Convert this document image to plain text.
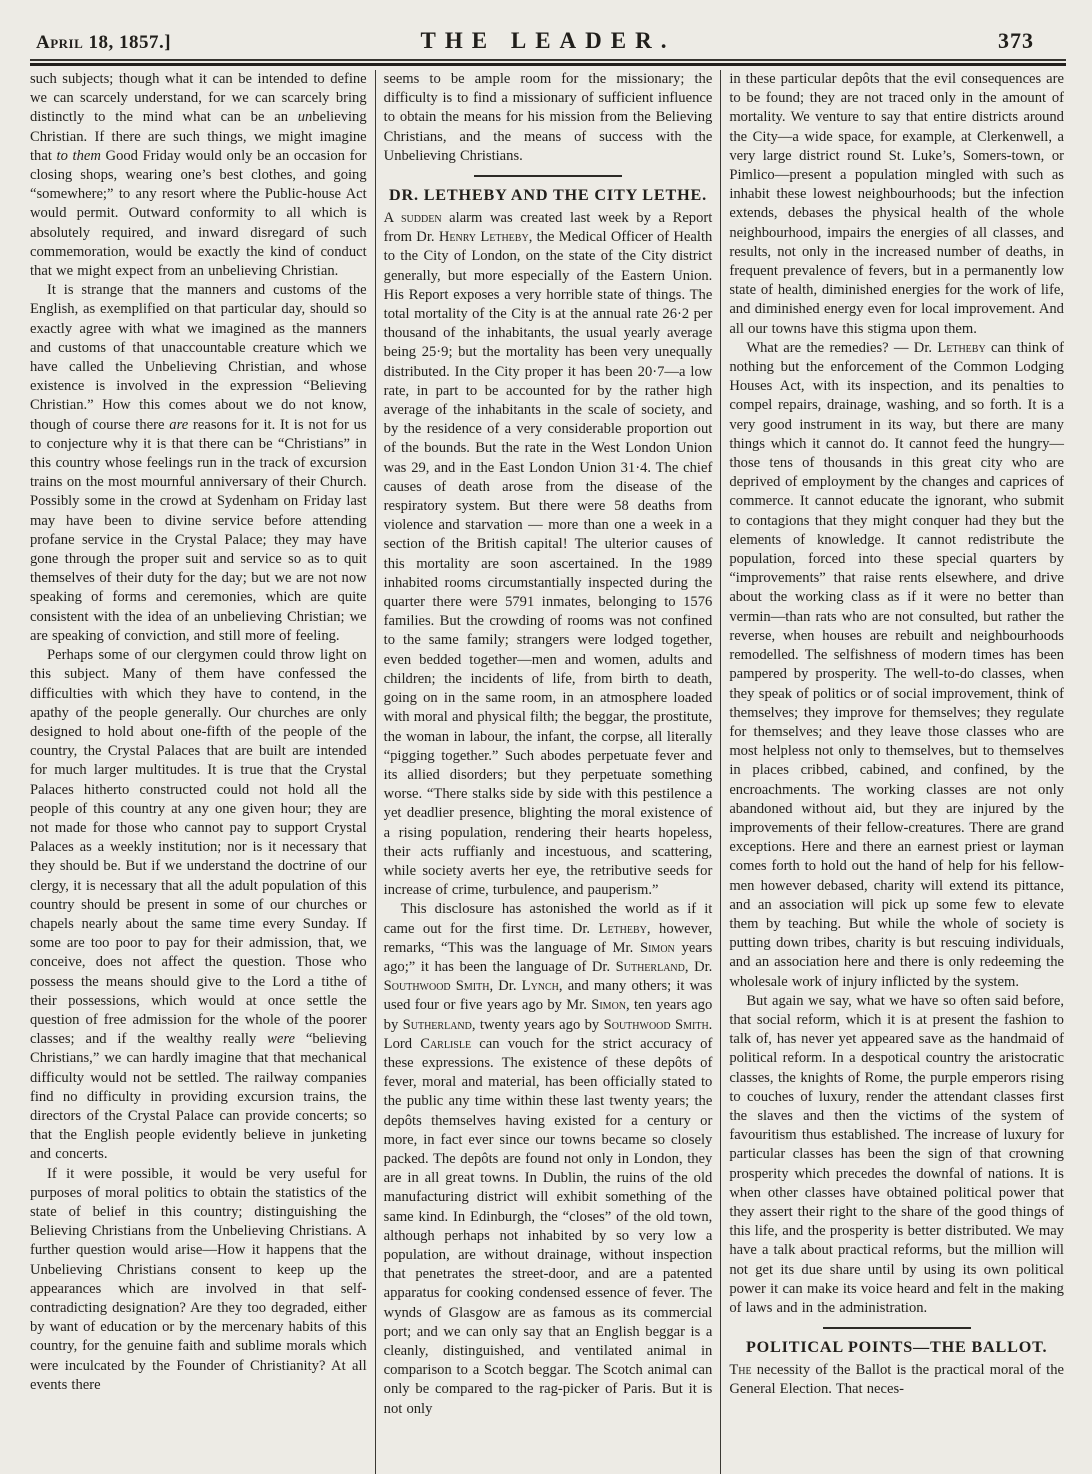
April 18, 1857.]	THE LEADER.	373

such subjects; though what it can be intended to define we can scarcely understand, for we can scarcely bring distinctly to the mind what can be an unbelieving Christian. If there are such things, we might imagine that to them Good Friday would only be an occasion for closing shops, wearing one’s best clothes, and going “somewhere;” to any resort where the Public-house Act would permit. Outward conformity to all which is absolutely required, and inward disregard of such commemoration, would be exactly the kind of conduct that we might expect from an unbelieving Christian.

It is strange that the manners and customs of the English, as exemplified on that particular day, should so exactly agree with what we imagined as the manners and customs of that unaccountable creature which we have called the Unbelieving Christian, and whose existence is involved in the expression “Believing Christian.” How this comes about we do not know, though of course there are reasons for it. It is not for us to conjecture why it is that there can be “Christians” in this country whose feelings run in the track of excursion trains on the most mournful anniversary of their Church. Possibly some in the crowd at Sydenham on Friday last may have been to divine service before attending profane service in the Crystal Palace; they may have gone through the proper suit and service so as to quit themselves of their duty for the day; but we are not now speaking of forms and ceremonies, which are quite consistent with the idea of an unbelieving Christian; we are speaking of conviction, and still more of feeling.

Perhaps some of our clergymen could throw light on this subject. Many of them have confessed the difficulties with which they have to contend, in the apathy of the people generally. Our churches are only designed to hold about one-fifth of the people of the country, the Crystal Palaces that are built are intended for much larger multitudes. It is true that the Crystal Palaces hitherto constructed could not hold all the people of this country at any one given hour; they are not made for those who cannot pay to support Crystal Palaces as a weekly institution; nor is it necessary that they should be. But if we understand the doctrine of our clergy, it is necessary that all the adult population of this country should be present in some of our churches or chapels nearly about the same time every Sunday. If some are too poor to pay for their admission, that, we conceive, does not affect the question. Those who possess the means should give to the Lord a tithe of their possessions, which would at once settle the question of free admission for the whole of the poorer classes; and if the wealthy really were “believing Christians,” we can hardly imagine that that mechanical difficulty would not be settled. The railway companies find no difficulty in providing excursion trains, the directors of the Crystal Palace can provide concerts; so that the English people evidently believe in junketing and concerts.

If it were possible, it would be very useful for purposes of moral politics to obtain the statistics of the state of belief in this country; distinguishing the Believing Christians from the Unbelieving Christians. A further question would arise—How it happens that the Unbelieving Christians consent to keep up the appearances which are involved in that self-contradicting designation? Are they too degraded, either by want of education or by the mercenary habits of this country, for the genuine faith and sublime morals which were inculcated by the Founder of Christianity? At all events there

seems to be ample room for the missionary; the difficulty is to find a missionary of sufficient influence to obtain the means for his mission from the Believing Christians, and the means of success with the Unbelieving Christians.

DR. LETHEBY AND THE CITY LETHE.

A sudden alarm was created last week by a Report from Dr. Henry Letheby, the Medical Officer of Health to the City of London, on the state of the City district generally, but more especially of the Eastern Union. His Report exposes a very horrible state of things. The total mortality of the City is at the annual rate 26·2 per thousand of the inhabitants, the usual yearly average being 25·9; but the mortality has been very unequally distributed. In the City proper it has been 20·7—a low rate, in part to be accounted for by the rather high average of the inhabitants in the scale of society, and by the residence of a very considerable proportion out of the bounds. But the rate in the West London Union was 29, and in the East London Union 31·4. The chief causes of death arose from the disease of the respiratory system. But there were 58 deaths from violence and starvation — more than one a week in a section of the British capital! The ulterior causes of this mortality are soon ascertained. In the 1989 inhabited rooms circumstantially inspected during the quarter there were 5791 inmates, belonging to 1576 families. But the crowding of rooms was not confined to the same family; strangers were lodged together, even bedded together—men and women, adults and children; the incidents of life, from birth to death, going on in the same room, in an atmosphere loaded with moral and physical filth; the beggar, the prostitute, the woman in labour, the infant, the corpse, all literally “pigging together.” Such abodes perpetuate fever and its allied disorders; but they perpetuate something worse. “There stalks side by side with this pestilence a yet deadlier presence, blighting the moral existence of a rising population, rendering their hearts hopeless, their acts ruffianly and incestuous, and scattering, while society averts her eye, the retributive seeds for increase of crime, turbulence, and pauperism.”

This disclosure has astonished the world as if it came out for the first time. Dr. Letheby, however, remarks, “This was the language of Mr. Simon years ago;” it has been the language of Dr. Sutherland, Dr. Southwood Smith, Dr. Lynch, and many others; it was used four or five years ago by Mr. Simon, ten years ago by Sutherland, twenty years ago by Southwood Smith. Lord Carlisle can vouch for the strict accuracy of these expressions. The existence of these depôts of fever, moral and material, has been officially stated to the public any time within these last twenty years; the depôts themselves having existed for a century or more, in fact ever since our towns became so closely packed. The depôts are found not only in London, they are in all great towns. In Dublin, the ruins of the old manufacturing district will exhibit something of the same kind. In Edinburgh, the “closes” of the old town, although perhaps not inhabited by so very low a population, are without drainage, without inspection that penetrates the street-door, and are a patented apparatus for cooking condensed essence of fever. The wynds of Glasgow are as famous as its commercial port; and we can only say that an English beggar is a cleanly, distinguished, and ventilated animal in comparison to a Scotch beggar. The Scotch animal can only be compared to the rag-picker of Paris. But it is not only

in these particular depôts that the evil consequences are to be found; they are not traced only in the amount of mortality. We venture to say that entire districts around the City—a wide space, for example, at Clerkenwell, a very large district round St. Luke’s, Somers-town, or Pimlico—present a population mingled with such as inhabit these lowest neighbourhoods; but the infection extends, debases the physical health of the whole neighbourhood, impairs the energies of all classes, and results, not only in the increased number of deaths, in frequent prevalence of fevers, but in a permanently low state of health, diminished energies for the work of life, and diminished energy even for local improvement. And all our towns have this stigma upon them.

What are the remedies? — Dr. Letheby can think of nothing but the enforcement of the Common Lodging Houses Act, with its inspection, and its penalties to compel repairs, drainage, washing, and so forth. It is a very good instrument in its way, but there are many things which it cannot do. It cannot feed the hungry—those tens of thousands in this great city who are deprived of employment by the changes and caprices of commerce. It cannot educate the ignorant, who submit to contagions that they might conquer had they but the elements of knowledge. It cannot redistribute the population, forced into these special quarters by “improvements” that raise rents elsewhere, and drive about the working class as if it were no better than vermin—than rats who are not consulted, but rather the reverse, when houses are rebuilt and neighbourhoods remodelled. The selfishness of modern times has been pampered by prosperity. The well-to-do classes, when they speak of politics or of social improvement, think of themselves; they improve for themselves; they regulate for themselves; and they leave those classes who are most helpless not only to themselves, but to themselves in places cribbed, cabined, and confined, by the encroachments. The working classes are not only abandoned without aid, but they are injured by the improvements of their fellow-creatures. There are grand exceptions. Here and there an earnest priest or layman comes forth to hold out the hand of help for his fellow-men however debased, charity will extend its pittance, and an association will pick up some few to elevate them by teaching. But while the whole of society is putting down tribes, charity is but rescuing individuals, and an association here and there is only redeeming the wholesale work of injury inflicted by the system.

But again we say, what we have so often said before, that social reform, which it is at present the fashion to talk of, has never yet appeared save as the handmaid of political reform. In a despotical country the aristocratic classes, the knights of Rome, the purple emperors rising to couches of luxury, render the attendant classes first the slaves and then the victims of the system of favouritism thus established. The increase of luxury for particular classes has been the sign of that crowning prosperity which precedes the downfal of nations. It is when other classes have obtained political power that they assert their right to the share of the good things of this life, and the prosperity is better distributed. We may have a talk about practical reforms, but the million will not get its due share until by using its own political power it can make its voice heard and felt in the making of laws and in the administration.

POLITICAL POINTS—THE BALLOT.

The necessity of the Ballot is the practical moral of the General Election. That neces-
